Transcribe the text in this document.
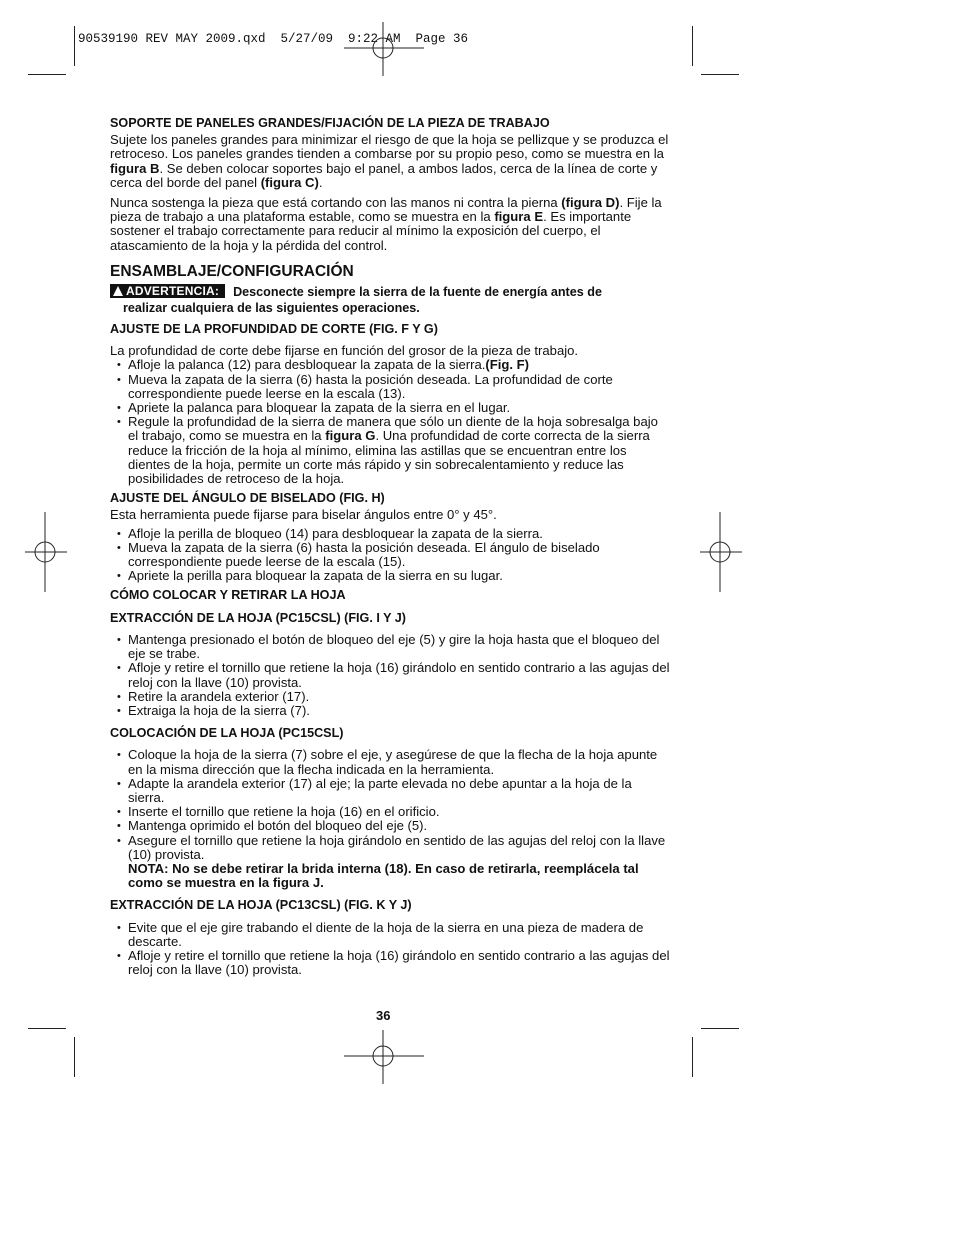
90539190 REV MAY 2009.qxd  5/27/09  9:22 AM  Page 36

SOPORTE DE PANELES GRANDES/FIJACIÓN DE LA PIEZA DE TRABAJO

Sujete los paneles grandes para minimizar el riesgo de que la hoja se pellizque y se produzca el retroceso. Los paneles grandes tienden a combarse por su propio peso, como se muestra en la figura B. Se deben colocar soportes bajo el panel, a ambos lados, cerca de la línea de corte y cerca del borde del panel (figura C).

Nunca sostenga la pieza que está cortando con las manos ni contra la pierna (figura D). Fije la pieza de trabajo a una plataforma estable, como se muestra en la figura E. Es importante sostener el trabajo correctamente para reducir al mínimo la exposición del cuerpo, el atascamiento de la hoja y la pérdida del control.

ENSAMBLAJE/CONFIGURACIÓN

ADVERTENCIA: Desconecte siempre la sierra de la fuente de energía antes de
realizar cualquiera de las siguientes operaciones.

AJUSTE DE LA PROFUNDIDAD DE CORTE (FIG. F Y G)

La profundidad de corte debe fijarse en función del grosor de la pieza de trabajo.

• Afloje la palanca (12) para desbloquear la zapata de la sierra.(Fig. F)
• Mueva la zapata de la sierra (6) hasta la posición deseada. La profundidad de corte correspondiente puede leerse en la escala (13).
• Apriete la palanca para bloquear la zapata de la sierra en el lugar.
• Regule la profundidad de la sierra de manera que sólo un diente de la hoja sobresalga bajo el trabajo, como se muestra en la figura G. Una profundidad de corte correcta de la sierra reduce la fricción de la hoja al mínimo, elimina las astillas que se encuentran entre los dientes de la hoja, permite un corte más rápido y sin sobrecalentamiento y reduce las posibilidades de retroceso de la hoja.

AJUSTE DEL ÁNGULO DE BISELADO (FIG. H)

Esta herramienta puede fijarse para biselar ángulos entre 0° y 45°.

• Afloje la perilla de bloqueo (14) para desbloquear la zapata de la sierra.
• Mueva la zapata de la sierra (6) hasta la posición deseada. El ángulo de biselado correspondiente puede leerse de la escala (15).
• Apriete la perilla para bloquear la zapata de la sierra en su lugar.

CÓMO COLOCAR Y RETIRAR LA HOJA

EXTRACCIÓN DE LA HOJA (PC15CSL) (FIG. I Y J)

• Mantenga presionado el botón de bloqueo del eje (5) y gire la hoja hasta que el bloqueo del eje se trabe.
• Afloje y retire el tornillo que retiene la hoja (16) girándolo en sentido contrario a las agujas del reloj con la llave (10) provista.
• Retire la arandela exterior (17).
• Extraiga la hoja de la sierra (7).

COLOCACIÓN DE LA HOJA (PC15CSL)

• Coloque la hoja de la sierra (7) sobre el eje, y asegúrese de que la flecha de la hoja apunte en la misma dirección que la flecha indicada en la herramienta.
• Adapte la arandela exterior (17) al eje; la parte elevada no debe apuntar a la hoja de la sierra.
• Inserte el tornillo que retiene la hoja (16) en el orificio.
• Mantenga oprimido el botón del bloqueo del eje (5).
• Asegure el tornillo que retiene la hoja girándolo en sentido de las agujas del reloj con la llave (10) provista.

NOTA: No se debe retirar la brida interna (18). En caso de retirarla, reemplácela tal como se muestra en la figura J.

EXTRACCIÓN DE LA HOJA (PC13CSL) (FIG. K Y J)

• Evite que el eje gire trabando el diente de la hoja de la sierra en una pieza de madera de descarte.
• Afloje y retire el tornillo que retiene la hoja (16) girándolo en sentido contrario a las agujas del reloj con la llave (10) provista.
36
